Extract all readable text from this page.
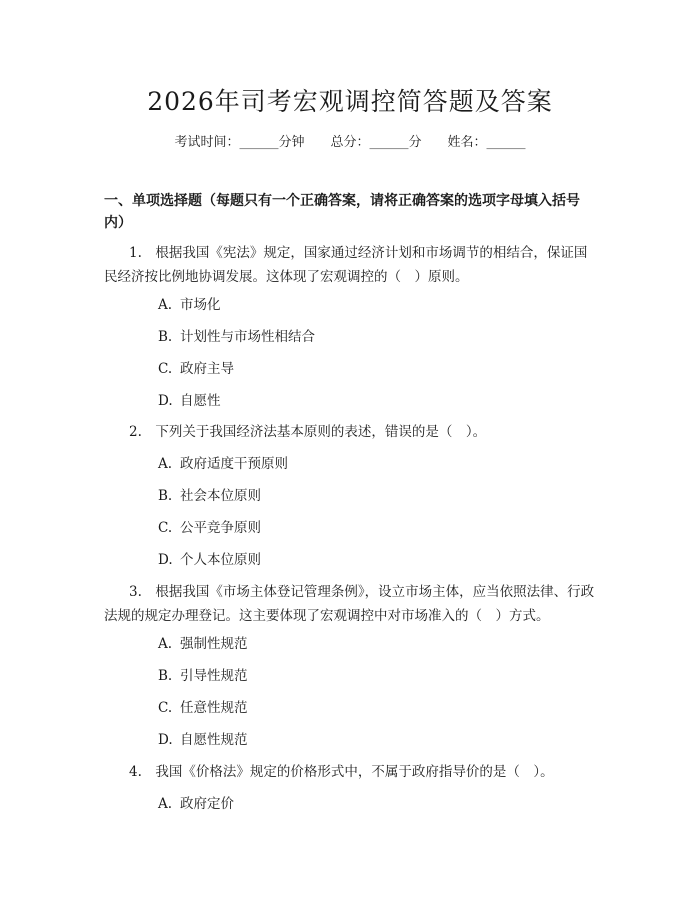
2026年司考宏观调控简答题及答案
考试时间：______分钟 总分：______分 姓名：______
一、单项选择题（每题只有一个正确答案，请将正确答案的选项字母填入括号内）
1.　根据我国《宪法》规定，国家通过经济计划和市场调节的相结合，保证国民经济按比例地协调发展。这体现了宏观调控的（　）原则。
A. 市场化
B. 计划性与市场性相结合
C. 政府主导
D. 自愿性
2.　下列关于我国经济法基本原则的表述，错误的是（　）。
A. 政府适度干预原则
B. 社会本位原则
C. 公平竞争原则
D. 个人本位原则
3.　根据我国《市场主体登记管理条例》，设立市场主体，应当依照法律、行政法规的规定办理登记。这主要体现了宏观调控中对市场准入的（　）方式。
A. 强制性规范
B. 引导性规范
C. 任意性规范
D. 自愿性规范
4.　我国《价格法》规定的价格形式中，不属于政府指导价的是（　）。
A. 政府定价
